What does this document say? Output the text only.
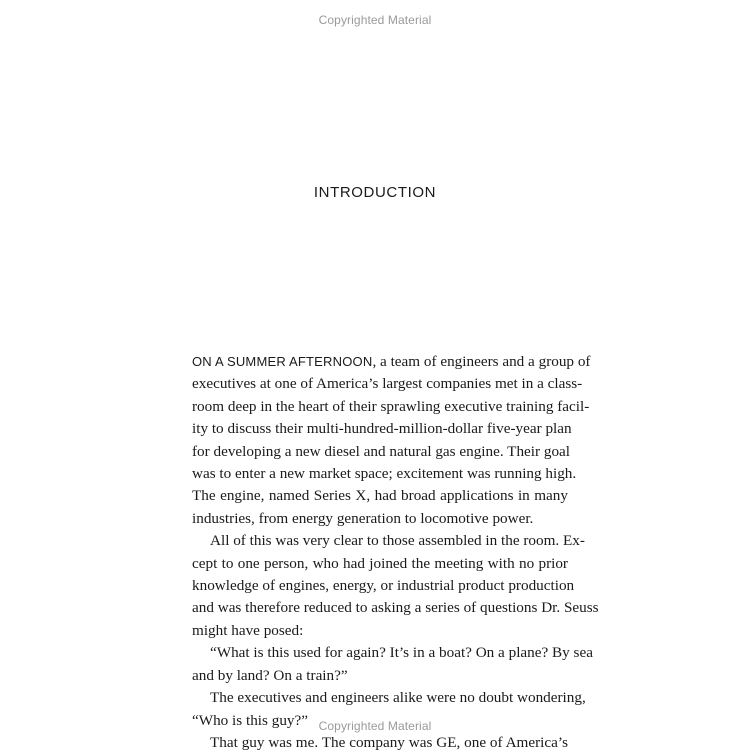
Copyrighted Material
INTRODUCTION

ON A SUMMER AFTERNOON, a team of engineers and a group of
executives at one of America’s largest companies met in a class-
room deep in the heart of their sprawling executive training facil-
ity to discuss their multi-hundred-million-dollar five-year plan
for developing a new diesel and natural gas engine. Their goal
was to enter a new market space; excitement was running high.
The engine, named Series X, had broad applications in many
industries, from energy generation to locomotive power.

All of this was very clear to those assembled in the room. Ex-
cept to one person, who had joined the meeting with no prior
knowledge of engines, energy, or industrial product production
and was therefore reduced to asking a series of questions Dr. Seuss
might have posed:

“What is this used for again? It’s in a boat? On a plane? By sea
and by land? On a train?”

The executives and engineers alike were no doubt wondering,
“Who is this guy?”

That guy was me. The company was GE, one of America’s

Copyrighted Material
